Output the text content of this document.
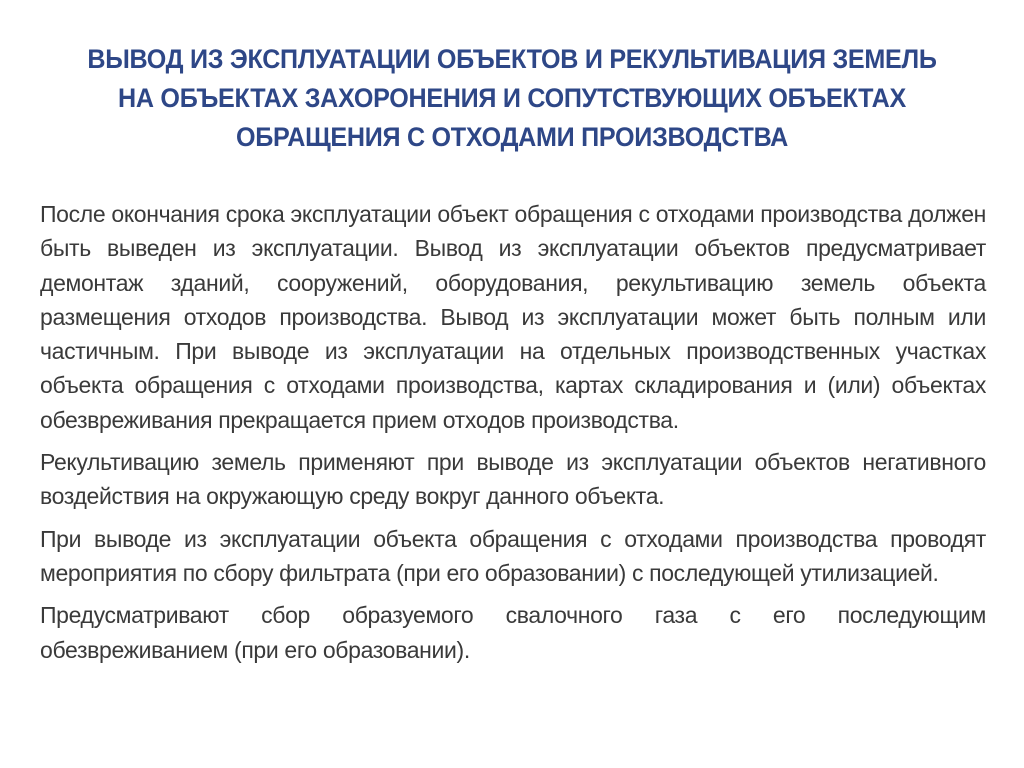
ВЫВОД ИЗ ЭКСПЛУАТАЦИИ ОБЪЕКТОВ И РЕКУЛЬТИВАЦИЯ ЗЕМЕЛЬ
НА ОБЪЕКТАХ ЗАХОРОНЕНИЯ И СОПУТСТВУЮЩИХ ОБЪЕКТАХ
ОБРАЩЕНИЯ С ОТХОДАМИ ПРОИЗВОДСТВА

После окончания срока эксплуатации объект обращения с отходами производства должен быть выведен из эксплуатации. Вывод из эксплуатации объектов предусматривает демонтаж зданий, сооружений, оборудования, рекультивацию земель объекта размещения отходов производства. Вывод из эксплуатации может быть полным или частичным. При выводе из эксплуатации на отдельных производственных участках объекта обращения с отходами производства, картах складирования и (или) объектах обезвреживания прекращается прием отходов производства.

Рекультивацию земель применяют при выводе из эксплуатации объектов негативного воздействия на окружающую среду вокруг данного объекта.

При выводе из эксплуатации объекта обращения с отходами производства проводят мероприятия по сбору фильтрата (при его образовании) с последующей утилизацией.

Предусматривают сбор образуемого свалочного газа с его последующим обезвреживанием (при его образовании).
